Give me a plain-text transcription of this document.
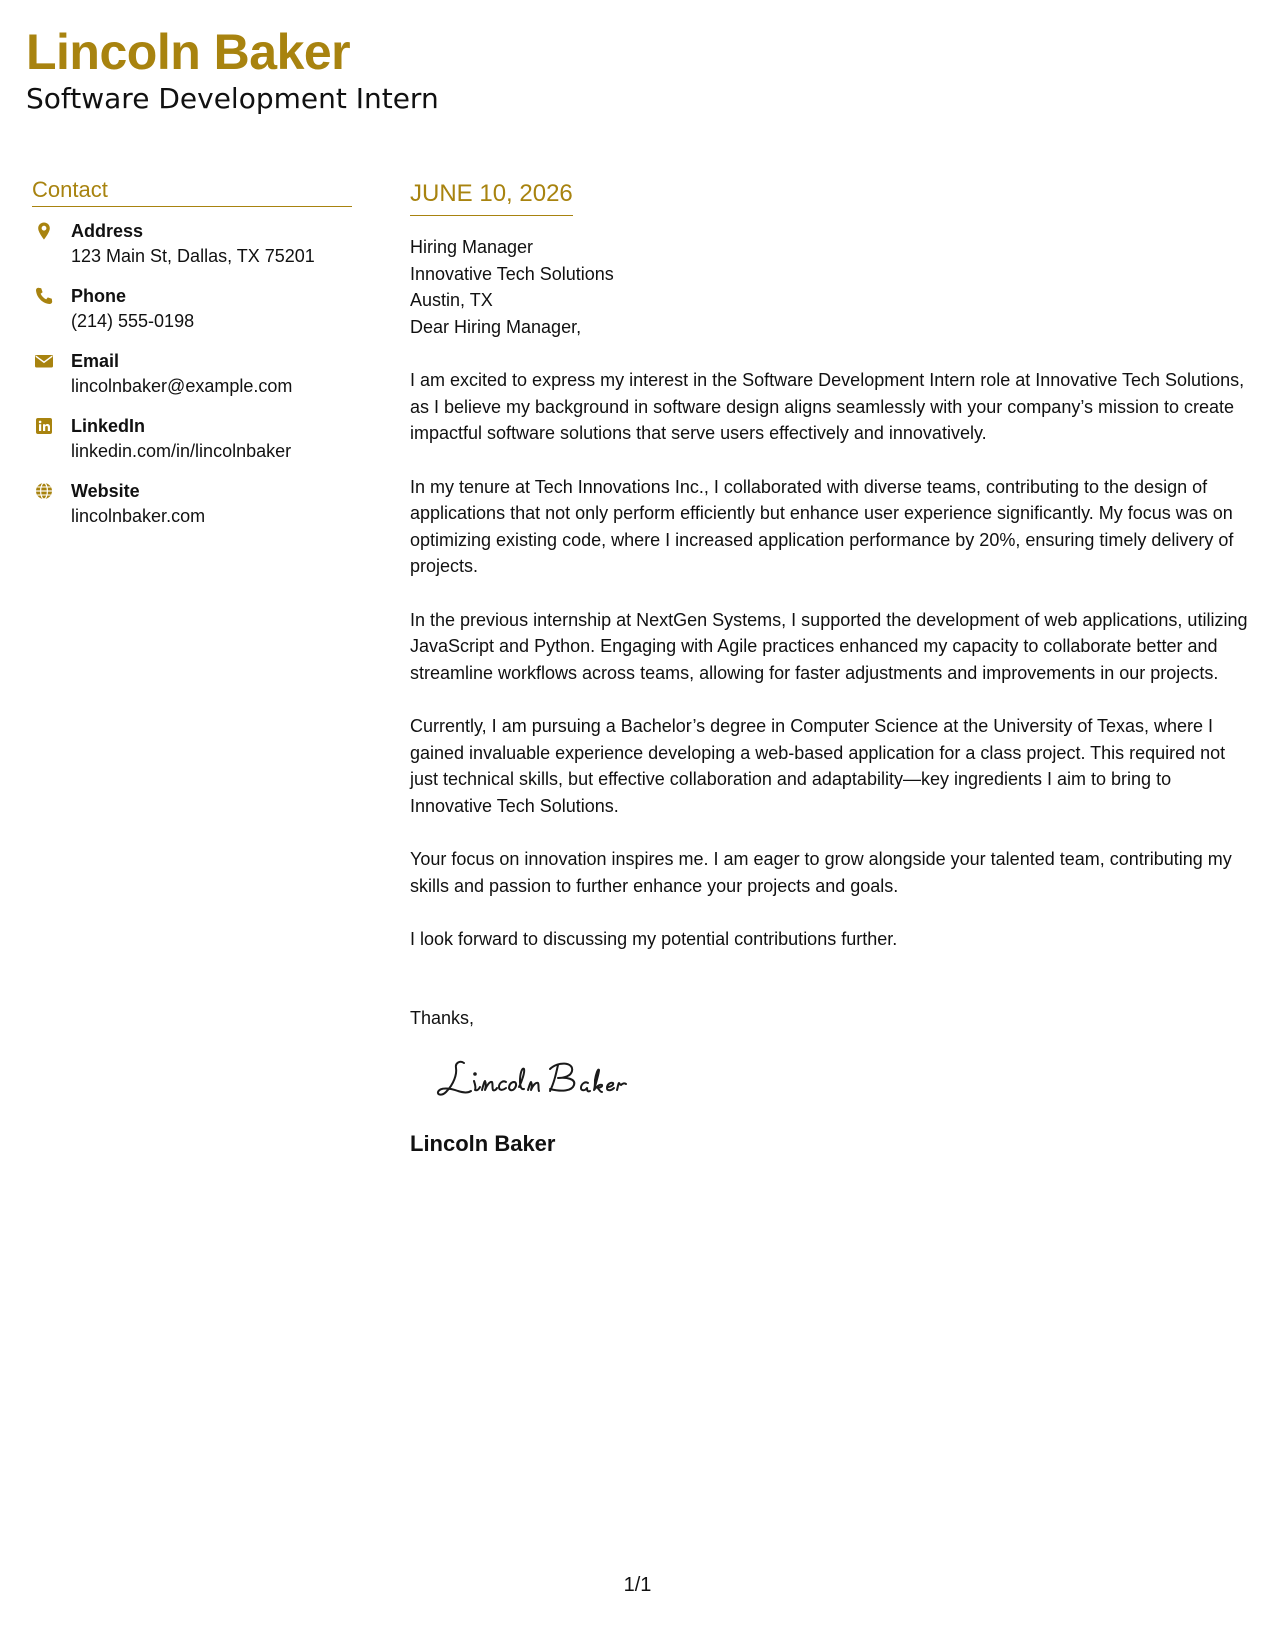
Lincoln Baker
Software Development Intern
Contact
Address
123 Main St, Dallas, TX 75201
Phone
(214) 555-0198
Email
lincolnbaker@example.com
LinkedIn
linkedin.com/in/lincolnbaker
Website
lincolnbaker.com
JUNE 10, 2026
Hiring Manager
Innovative Tech Solutions
Austin, TX

Dear Hiring Manager,

I am excited to express my interest in the Software Development Intern role at Innovative Tech Solutions, as I believe my background in software design aligns seamlessly with your company’s mission to create impactful software solutions that serve users effectively and innovatively.

In my tenure at Tech Innovations Inc., I collaborated with diverse teams, contributing to the design of applications that not only perform efficiently but enhance user experience significantly. My focus was on optimizing existing code, where I increased application performance by 20%, ensuring timely delivery of projects.

In the previous internship at NextGen Systems, I supported the development of web applications, utilizing JavaScript and Python. Engaging with Agile practices enhanced my capacity to collaborate better and streamline workflows across teams, allowing for faster adjustments and improvements in our projects.

Currently, I am pursuing a Bachelor’s degree in Computer Science at the University of Texas, where I gained invaluable experience developing a web-based application for a class project. This required not just technical skills, but effective collaboration and adaptability—key ingredients I aim to bring to Innovative Tech Solutions.

Your focus on innovation inspires me. I am eager to grow alongside your talented team, contributing my skills and passion to further enhance your projects and goals.

I look forward to discussing my potential contributions further.

Thanks,
Lincoln Baker
1/1
